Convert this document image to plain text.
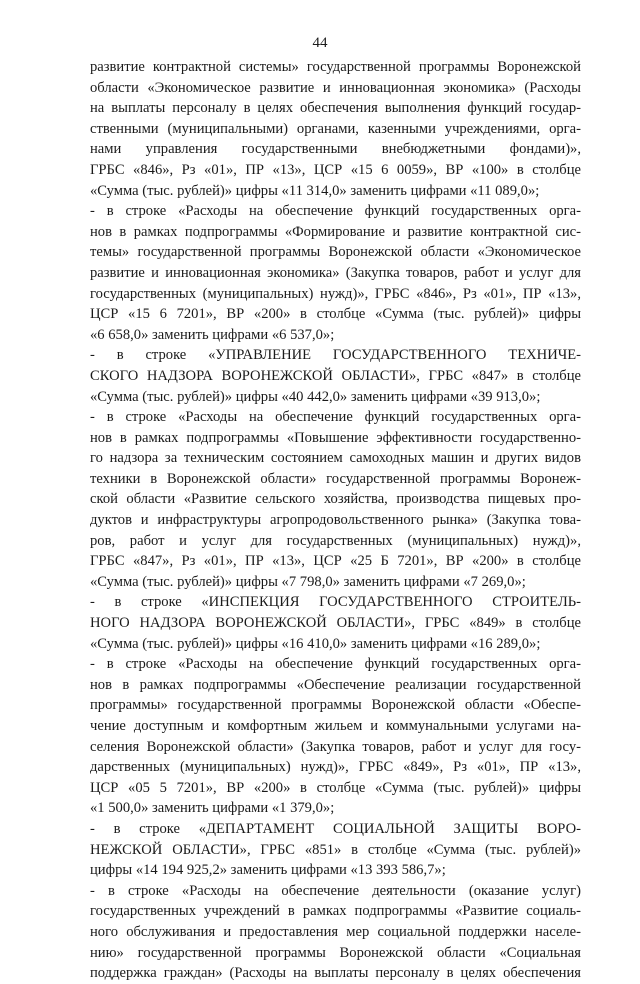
44
развитие контрактной системы» государственной программы Воронежской
области «Экономическое развитие и инновационная экономика» (Расходы
на выплаты персоналу в целях обеспечения выполнения функций государ-
ственными (муниципальными) органами, казенными учреждениями, орга-
нами управления государственными внебюджетными фондами)»,
ГРБС «846», Рз «01», ПР «13», ЦСР «15 6 0059», ВР «100» в столбце
«Сумма (тыс. рублей)» цифры «11 314,0» заменить цифрами «11 089,0»;
- в строке «Расходы на обеспечение функций государственных орга-
нов в рамках подпрограммы «Формирование и развитие контрактной сис-
темы» государственной программы Воронежской области «Экономическое
развитие и инновационная экономика» (Закупка товаров, работ и услуг для
государственных (муниципальных) нужд)», ГРБС «846», Рз «01», ПР «13»,
ЦСР «15 6 7201», ВР «200» в столбце «Сумма (тыс. рублей)» цифры
«6 658,0» заменить цифрами «6 537,0»;
- в строке «УПРАВЛЕНИЕ ГОСУДАРСТВЕННОГО ТЕХНИЧЕ-
СКОГО НАДЗОРА ВОРОНЕЖСКОЙ ОБЛАСТИ», ГРБС «847» в столбце
«Сумма (тыс. рублей)» цифры «40 442,0» заменить цифрами «39 913,0»;
- в строке «Расходы на обеспечение функций государственных орга-
нов в рамках подпрограммы «Повышение эффективности государственно-
го надзора за техническим состоянием самоходных машин и других видов
техники в Воронежской области» государственной программы Воронеж-
ской области «Развитие сельского хозяйства, производства пищевых про-
дуктов и инфраструктуры агропродовольственного рынка» (Закупка това-
ров, работ и услуг для государственных (муниципальных) нужд)»,
ГРБС «847», Рз «01», ПР «13», ЦСР «25 Б 7201», ВР «200» в столбце
«Сумма (тыс. рублей)» цифры «7 798,0» заменить цифрами «7 269,0»;
- в строке «ИНСПЕКЦИЯ ГОСУДАРСТВЕННОГО СТРОИТЕЛЬ-
НОГО НАДЗОРА ВОРОНЕЖСКОЙ ОБЛАСТИ», ГРБС «849» в столбце
«Сумма (тыс. рублей)» цифры «16 410,0» заменить цифрами «16 289,0»;
- в строке «Расходы на обеспечение функций государственных орга-
нов в рамках подпрограммы «Обеспечение реализации государственной
программы» государственной программы Воронежской области «Обеспе-
чение доступным и комфортным жильем и коммунальными услугами на-
селения Воронежской области» (Закупка товаров, работ и услуг для госу-
дарственных (муниципальных) нужд)», ГРБС «849», Рз «01», ПР «13»,
ЦСР «05 5 7201», ВР «200» в столбце «Сумма (тыс. рублей)» цифры
«1 500,0» заменить цифрами «1 379,0»;
- в строке «ДЕПАРТАМЕНТ СОЦИАЛЬНОЙ ЗАЩИТЫ ВОРО-
НЕЖСКОЙ ОБЛАСТИ», ГРБС «851» в столбце «Сумма (тыс. рублей)»
цифры «14 194 925,2» заменить цифрами «13 393 586,7»;
- в строке «Расходы на обеспечение деятельности (оказание услуг)
государственных учреждений в рамках подпрограммы «Развитие социаль-
ного обслуживания и предоставления мер социальной поддержки населе-
нию» государственной программы Воронежской области «Социальная
поддержка граждан» (Расходы на выплаты персоналу в целях обеспечения
